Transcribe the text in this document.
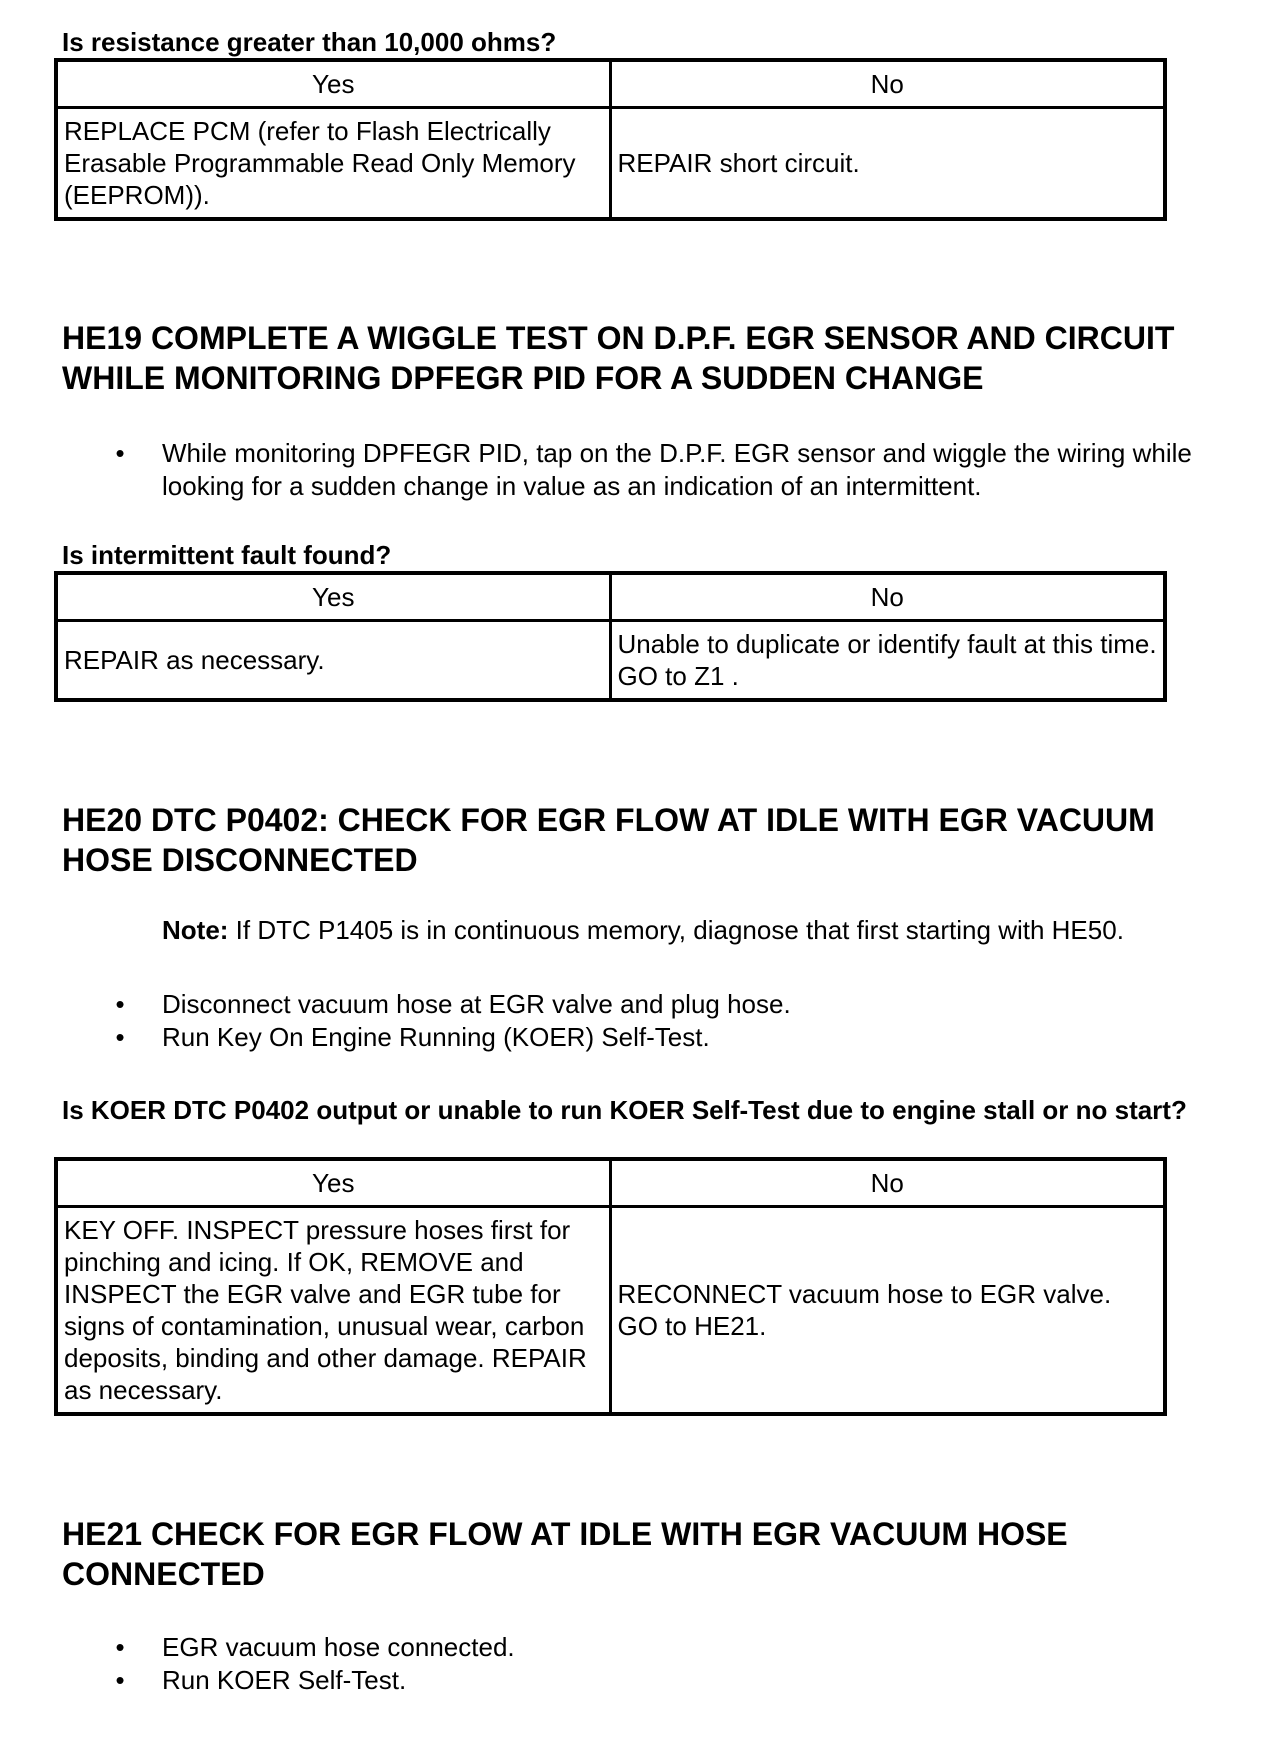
Is resistance greater than 10,000 ohms?

Yes	No
REPLACE PCM (refer to Flash Electrically Erasable Programmable Read Only Memory (EEPROM)).	REPAIR short circuit.
HE19 COMPLETE A WIGGLE TEST ON D.P.F. EGR SENSOR AND CIRCUIT WHILE MONITORING DPFEGR PID FOR A SUDDEN CHANGE
• While monitoring DPFEGR PID, tap on the D.P.F. EGR sensor and wiggle the wiring while looking for a sudden change in value as an indication of an intermittent.

Is intermittent fault found?

Yes	No
REPAIR as necessary.	Unable to duplicate or identify fault at this time. GO to Z1 .
HE20 DTC P0402: CHECK FOR EGR FLOW AT IDLE WITH EGR VACUUM HOSE DISCONNECTED

Note: If DTC P1405 is in continuous memory, diagnose that first starting with HE50.

• Disconnect vacuum hose at EGR valve and plug hose.
• Run Key On Engine Running (KOER) Self-Test.

Is KOER DTC P0402 output or unable to run KOER Self-Test due to engine stall or no start?

Yes	No
KEY OFF. INSPECT pressure hoses first for pinching and icing. If OK, REMOVE and INSPECT the EGR valve and EGR tube for signs of contamination, unusual wear, carbon deposits, binding and other damage. REPAIR as necessary.	RECONNECT vacuum hose to EGR valve. GO to HE21.
HE21 CHECK FOR EGR FLOW AT IDLE WITH EGR VACUUM HOSE CONNECTED
• EGR vacuum hose connected.
• Run KOER Self-Test.
